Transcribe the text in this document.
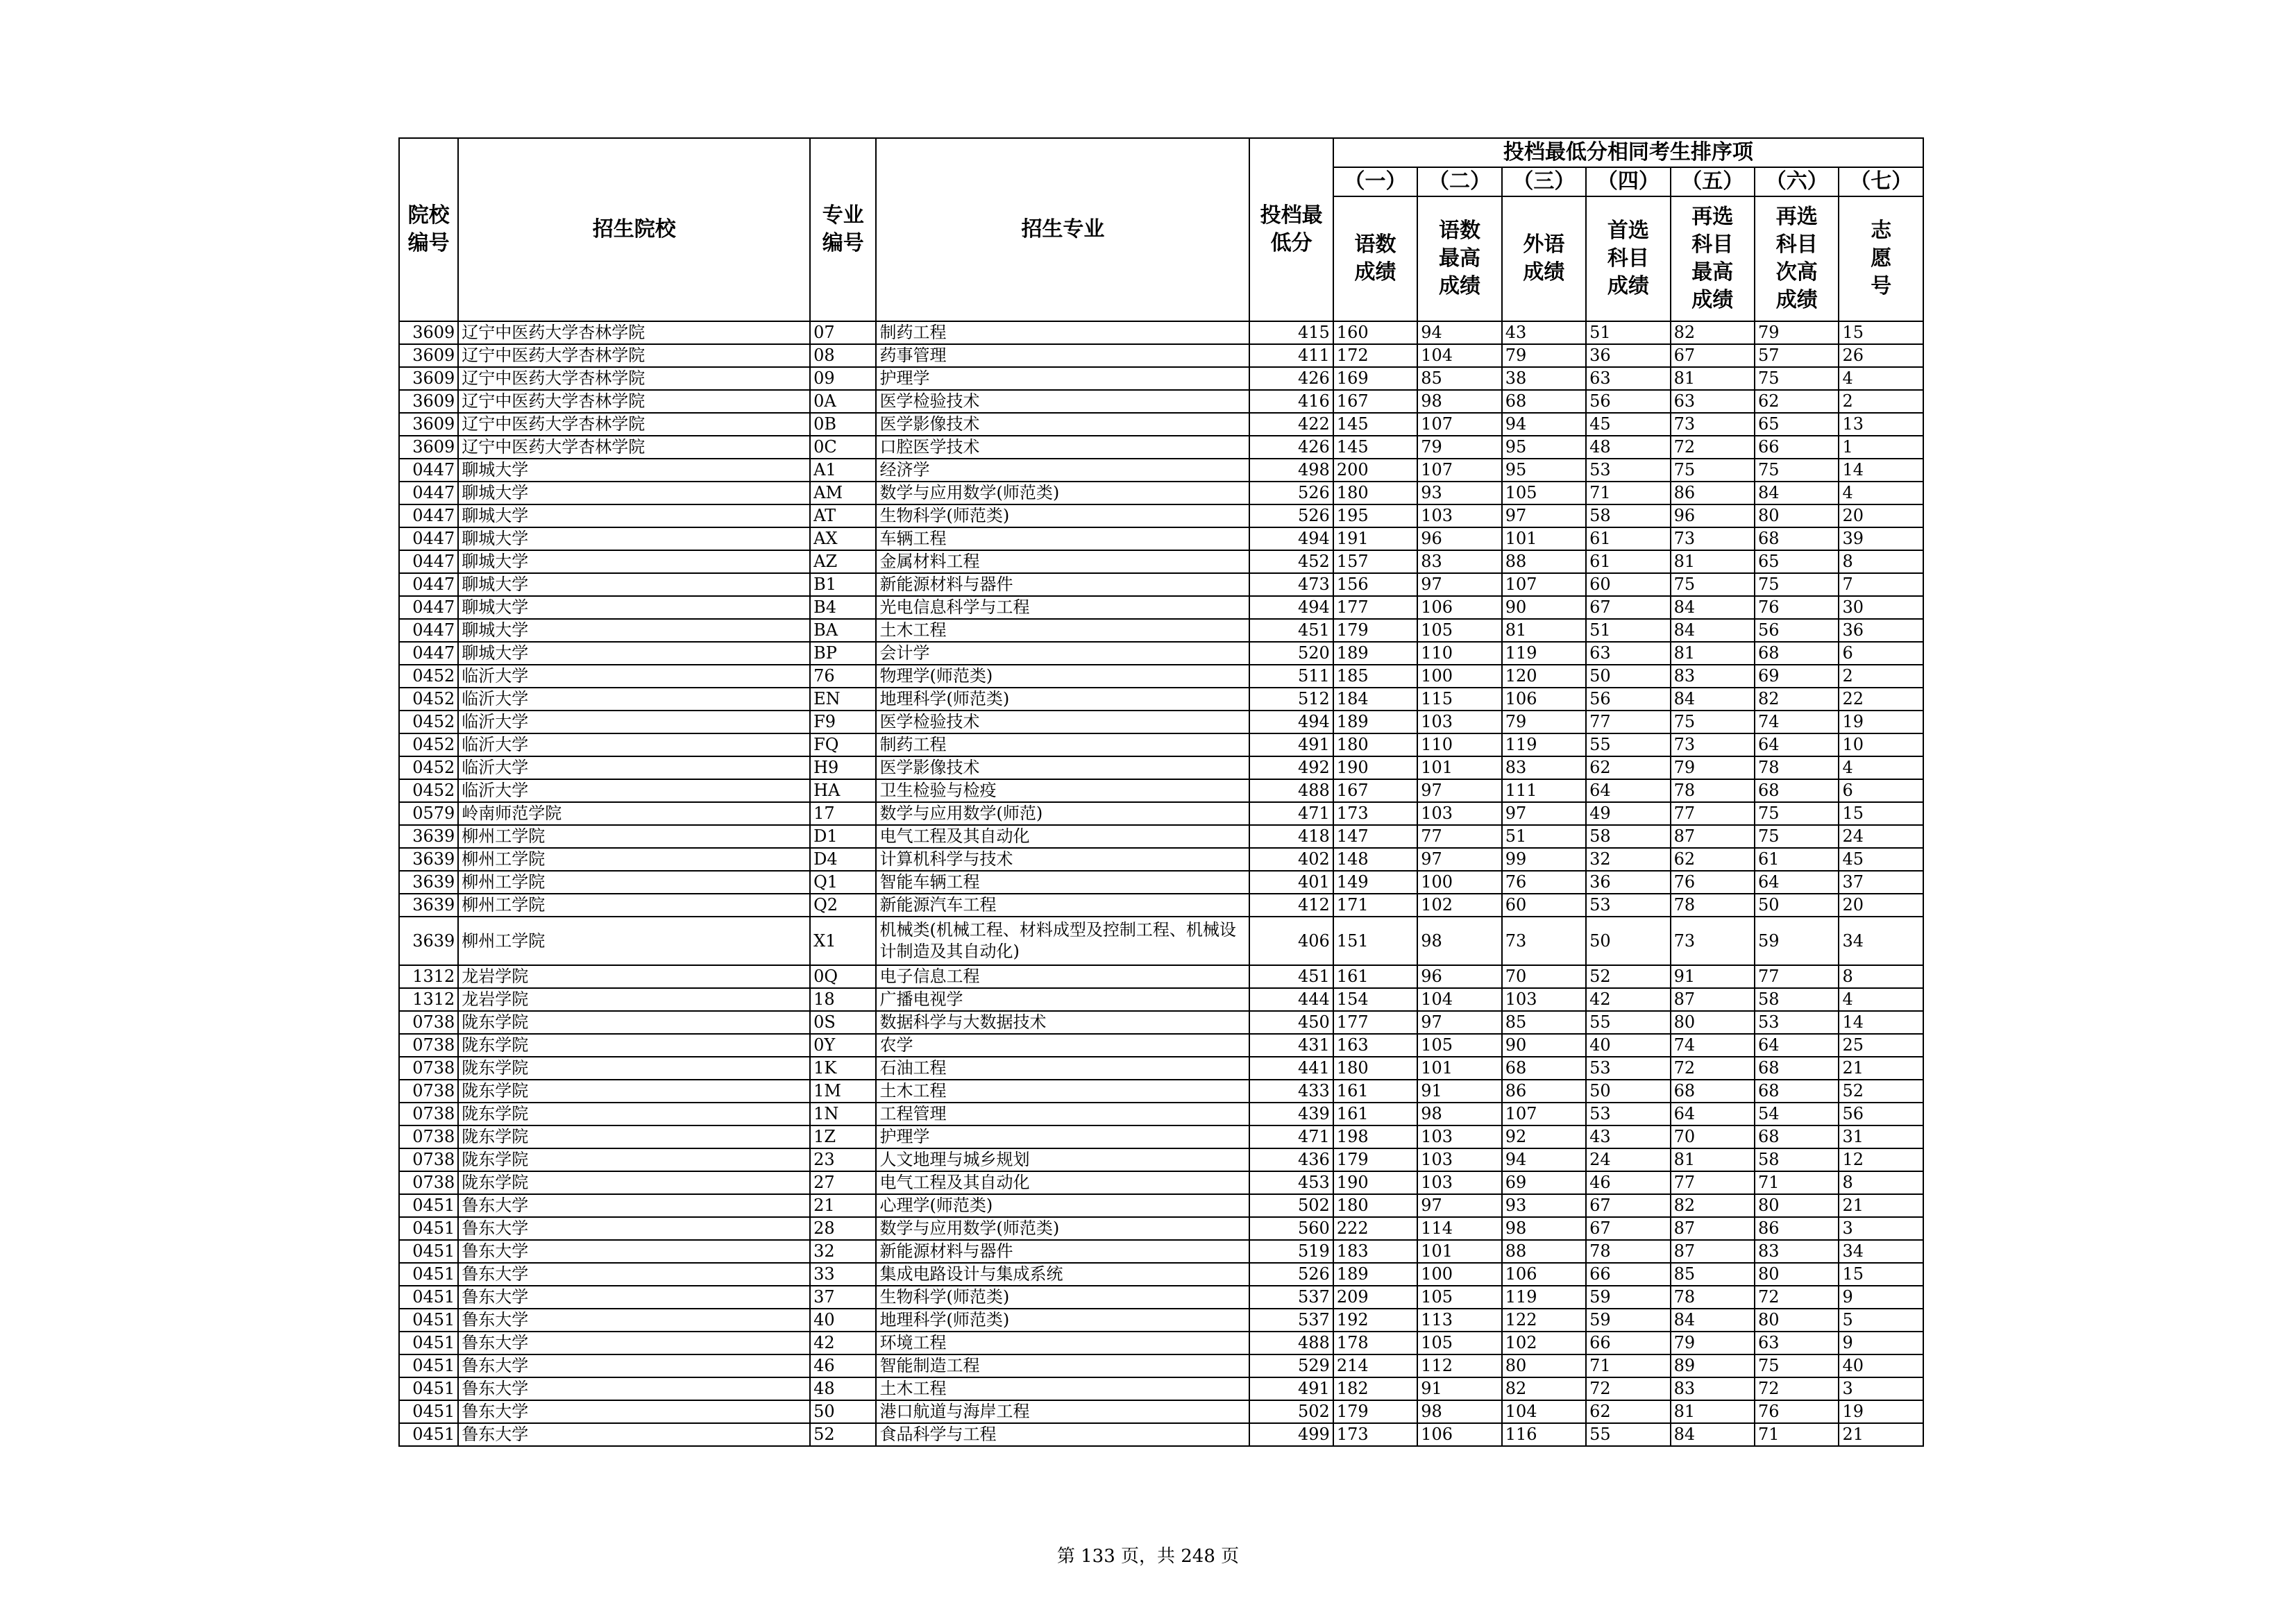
院校编号	招生院校	专业编号	招生专业	投档最低分	投档最低分相同考生排序项						
					（一）	（二）	（三）	（四）	（五）	（六）	（七）

					语数成绩	语数最高成绩	外语成绩	首选科目成绩	再选科目最高成绩	再选科目次高成绩	志愿号

3609	辽宁中医药大学杏林学院	07	制药工程	415	160	94	43	51	82	79	15
3609	辽宁中医药大学杏林学院	08	药事管理	411	172	104	79	36	67	57	26
3609	辽宁中医药大学杏林学院	09	护理学	426	169	85	38	63	81	75	4
3609	辽宁中医药大学杏林学院	0A	医学检验技术	416	167	98	68	56	63	62	2
3609	辽宁中医药大学杏林学院	0B	医学影像技术	422	145	107	94	45	73	65	13
3609	辽宁中医药大学杏林学院	0C	口腔医学技术	426	145	79	95	48	72	66	1
0447	聊城大学	A1	经济学	498	200	107	95	53	75	75	14
0447	聊城大学	AM	数学与应用数学(师范类)	526	180	93	105	71	86	84	4
0447	聊城大学	AT	生物科学(师范类)	526	195	103	97	58	96	80	20
0447	聊城大学	AX	车辆工程	494	191	96	101	61	73	68	39
0447	聊城大学	AZ	金属材料工程	452	157	83	88	61	81	65	8
0447	聊城大学	B1	新能源材料与器件	473	156	97	107	60	75	75	7
0447	聊城大学	B4	光电信息科学与工程	494	177	106	90	67	84	76	30
0447	聊城大学	BA	土木工程	451	179	105	81	51	84	56	36
0447	聊城大学	BP	会计学	520	189	110	119	63	81	68	6
0452	临沂大学	76	物理学(师范类)	511	185	100	120	50	83	69	2
0452	临沂大学	EN	地理科学(师范类)	512	184	115	106	56	84	82	22
0452	临沂大学	F9	医学检验技术	494	189	103	79	77	75	74	19
0452	临沂大学	FQ	制药工程	491	180	110	119	55	73	64	10
0452	临沂大学	H9	医学影像技术	492	190	101	83	62	79	78	4
0452	临沂大学	HA	卫生检验与检疫	488	167	97	111	64	78	68	6
0579	岭南师范学院	17	数学与应用数学(师范)	471	173	103	97	49	77	75	15
3639	柳州工学院	D1	电气工程及其自动化	418	147	77	51	58	87	75	24
3639	柳州工学院	D4	计算机科学与技术	402	148	97	99	32	62	61	45
3639	柳州工学院	Q1	智能车辆工程	401	149	100	76	36	76	64	37
3639	柳州工学院	Q2	新能源汽车工程	412	171	102	60	53	78	50	20
3639	柳州工学院	X1	机械类(机械工程、材料成型及控制工程、机械设计制造及其自动化)	406	151	98	73	50	73	59	34
1312	龙岩学院	0Q	电子信息工程	451	161	96	70	52	91	77	8
1312	龙岩学院	18	广播电视学	444	154	104	103	42	87	58	4
0738	陇东学院	0S	数据科学与大数据技术	450	177	97	85	55	80	53	14
0738	陇东学院	0Y	农学	431	163	105	90	40	74	64	25
0738	陇东学院	1K	石油工程	441	180	101	68	53	72	68	21
0738	陇东学院	1M	土木工程	433	161	91	86	50	68	68	52
0738	陇东学院	1N	工程管理	439	161	98	107	53	64	54	56
0738	陇东学院	1Z	护理学	471	198	103	92	43	70	68	31
0738	陇东学院	23	人文地理与城乡规划	436	179	103	94	24	81	58	12
0738	陇东学院	27	电气工程及其自动化	453	190	103	69	46	77	71	8
0451	鲁东大学	21	心理学(师范类)	502	180	97	93	67	82	80	21
0451	鲁东大学	28	数学与应用数学(师范类)	560	222	114	98	67	87	86	3
0451	鲁东大学	32	新能源材料与器件	519	183	101	88	78	87	83	34
0451	鲁东大学	33	集成电路设计与集成系统	526	189	100	106	66	85	80	15
0451	鲁东大学	37	生物科学(师范类)	537	209	105	119	59	78	72	9
0451	鲁东大学	40	地理科学(师范类)	537	192	113	122	59	84	80	5
0451	鲁东大学	42	环境工程	488	178	105	102	66	79	63	9
0451	鲁东大学	46	智能制造工程	529	214	112	80	71	89	75	40
0451	鲁东大学	48	土木工程	491	182	91	82	72	83	72	3
0451	鲁东大学	50	港口航道与海岸工程	502	179	98	104	62	81	76	19
0451	鲁东大学	52	食品科学与工程	499	173	106	116	55	84	71	21
第 133 页，共 248 页
